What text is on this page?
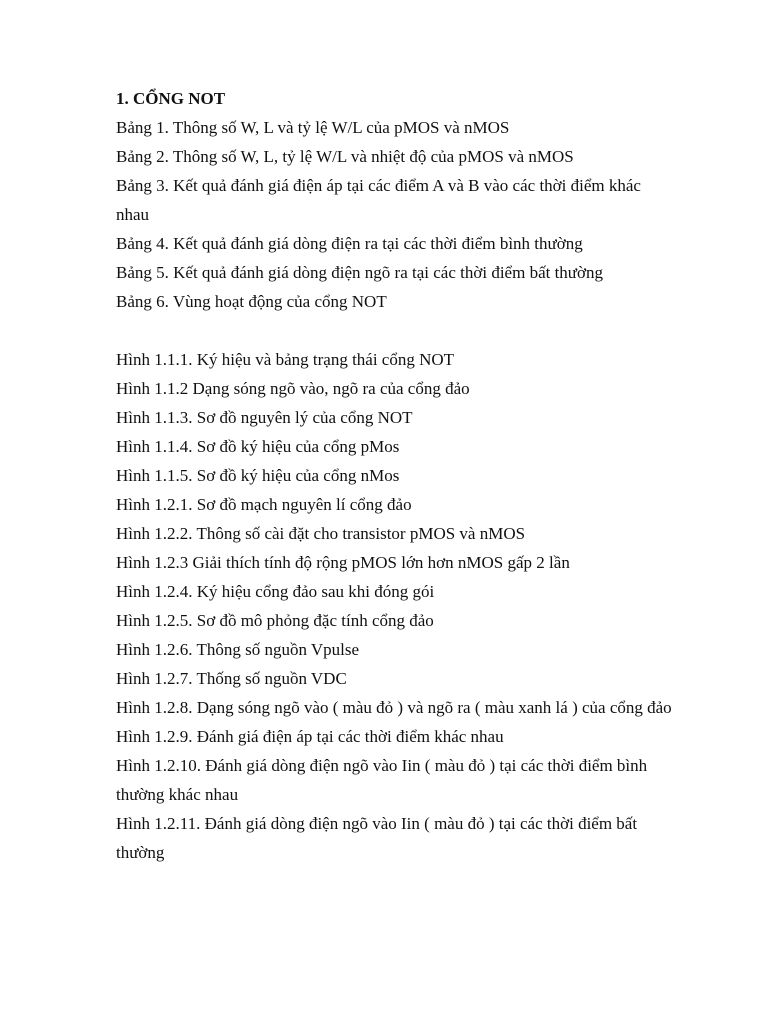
1. CỔNG NOT

Bảng 1. Thông số W, L và tỷ lệ W/L của pMOS và nMOS

Bảng 2. Thông số W, L, tỷ lệ W/L và nhiệt độ của pMOS và nMOS

Bảng 3. Kết quả đánh giá điện áp tại các điểm A và B vào các thời điểm khác nhau

Bảng 4. Kết quả đánh giá dòng điện ra tại các thời điểm bình thường

Bảng 5. Kết quả đánh giá dòng điện ngõ ra tại các thời điểm bất thường

Bảng 6. Vùng hoạt động của cổng NOT

Hình 1.1.1. Ký hiệu và bảng trạng thái cổng NOT

Hình 1.1.2 Dạng sóng ngõ vào, ngõ ra của cổng đảo

Hình 1.1.3. Sơ đồ nguyên lý của cổng NOT

Hình 1.1.4. Sơ đồ ký hiệu của cổng pMos

Hình 1.1.5. Sơ đồ ký hiệu của cổng nMos

Hình 1.2.1. Sơ đồ mạch nguyên lí cổng đảo

Hình 1.2.2. Thông số cài đặt cho transistor pMOS và nMOS

Hình 1.2.3 Giải thích tính độ rộng pMOS lớn hơn nMOS gấp 2 lần

Hình 1.2.4. Ký hiệu cổng đảo sau khi đóng gói

Hình 1.2.5. Sơ đồ mô phỏng đặc tính cổng đảo

Hình 1.2.6. Thông số nguồn Vpulse

Hình 1.2.7. Thống số nguồn VDC

Hình 1.2.8. Dạng sóng ngõ vào ( màu đỏ ) và ngõ ra ( màu xanh lá ) của cổng đảo

Hình 1.2.9. Đánh giá điện áp tại các thời điểm khác nhau

Hình 1.2.10. Đánh giá dòng điện ngõ vào Iin ( màu đỏ ) tại các thời điểm bình thường khác nhau

Hình 1.2.11. Đánh giá dòng điện ngõ vào Iin ( màu đỏ ) tại các thời điểm bất thường
